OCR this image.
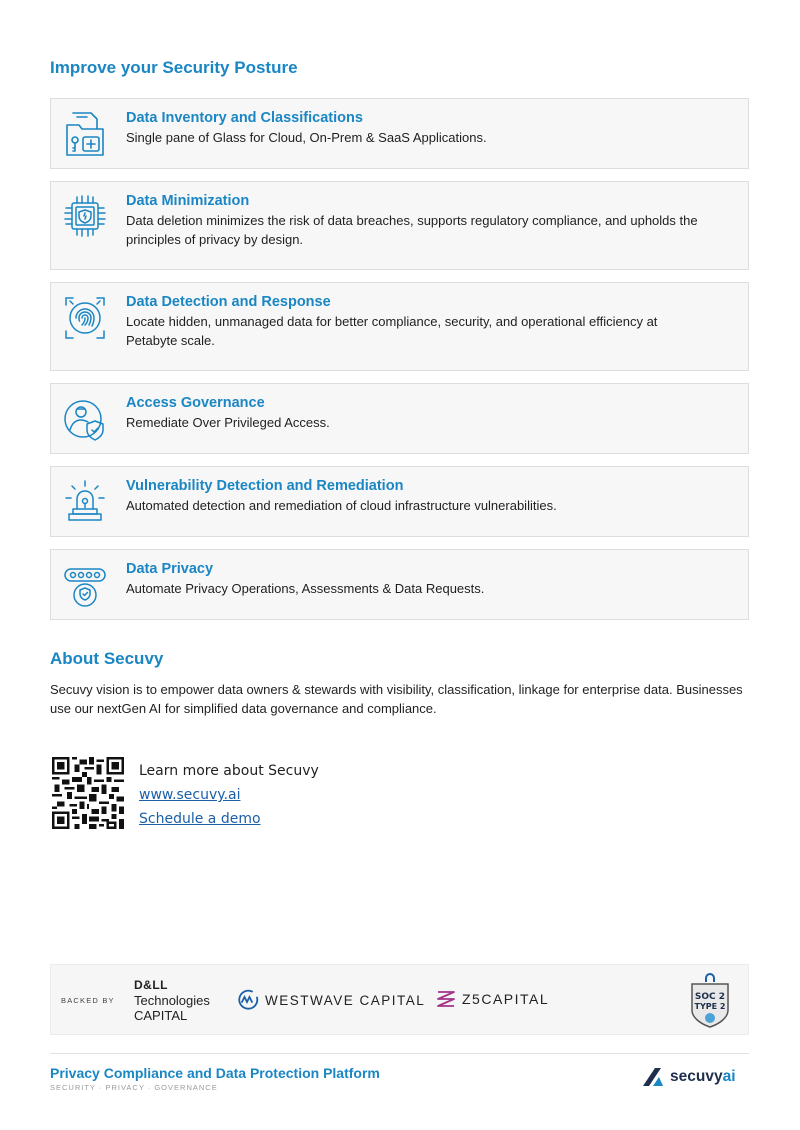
Improve your Security Posture
Data Inventory and Classifications
Single pane of Glass for Cloud, On-Prem & SaaS Applications.
Data Minimization
Data deletion minimizes the risk of data breaches, supports regulatory compliance, and upholds the principles of privacy by design.
Data Detection and Response
Locate hidden, unmanaged data for better compliance, security, and operational efficiency at Petabyte scale.
Access Governance
Remediate Over Privileged Access.
Vulnerability Detection and Remediation
Automated detection and remediation of cloud infrastructure vulnerabilities.
Data Privacy
Automate Privacy Operations, Assessments & Data Requests.
About Secuvy
Secuvy vision is to empower data owners & stewards with visibility, classification, linkage for enterprise data. Businesses use our nextGen AI for simplified data governance and compliance.
Learn more about Secuvy
www.secuvy.ai
Schedule a demo
BACKED BY
D&LL
Technologies
CAPITAL
WESTWAVE CAPITAL	Z5CAPITAL	SOC 2
TYPE 2
Privacy Compliance and Data Protection Platform
SECURITY · PRIVACY · GOVERNANCE
secuvyai
